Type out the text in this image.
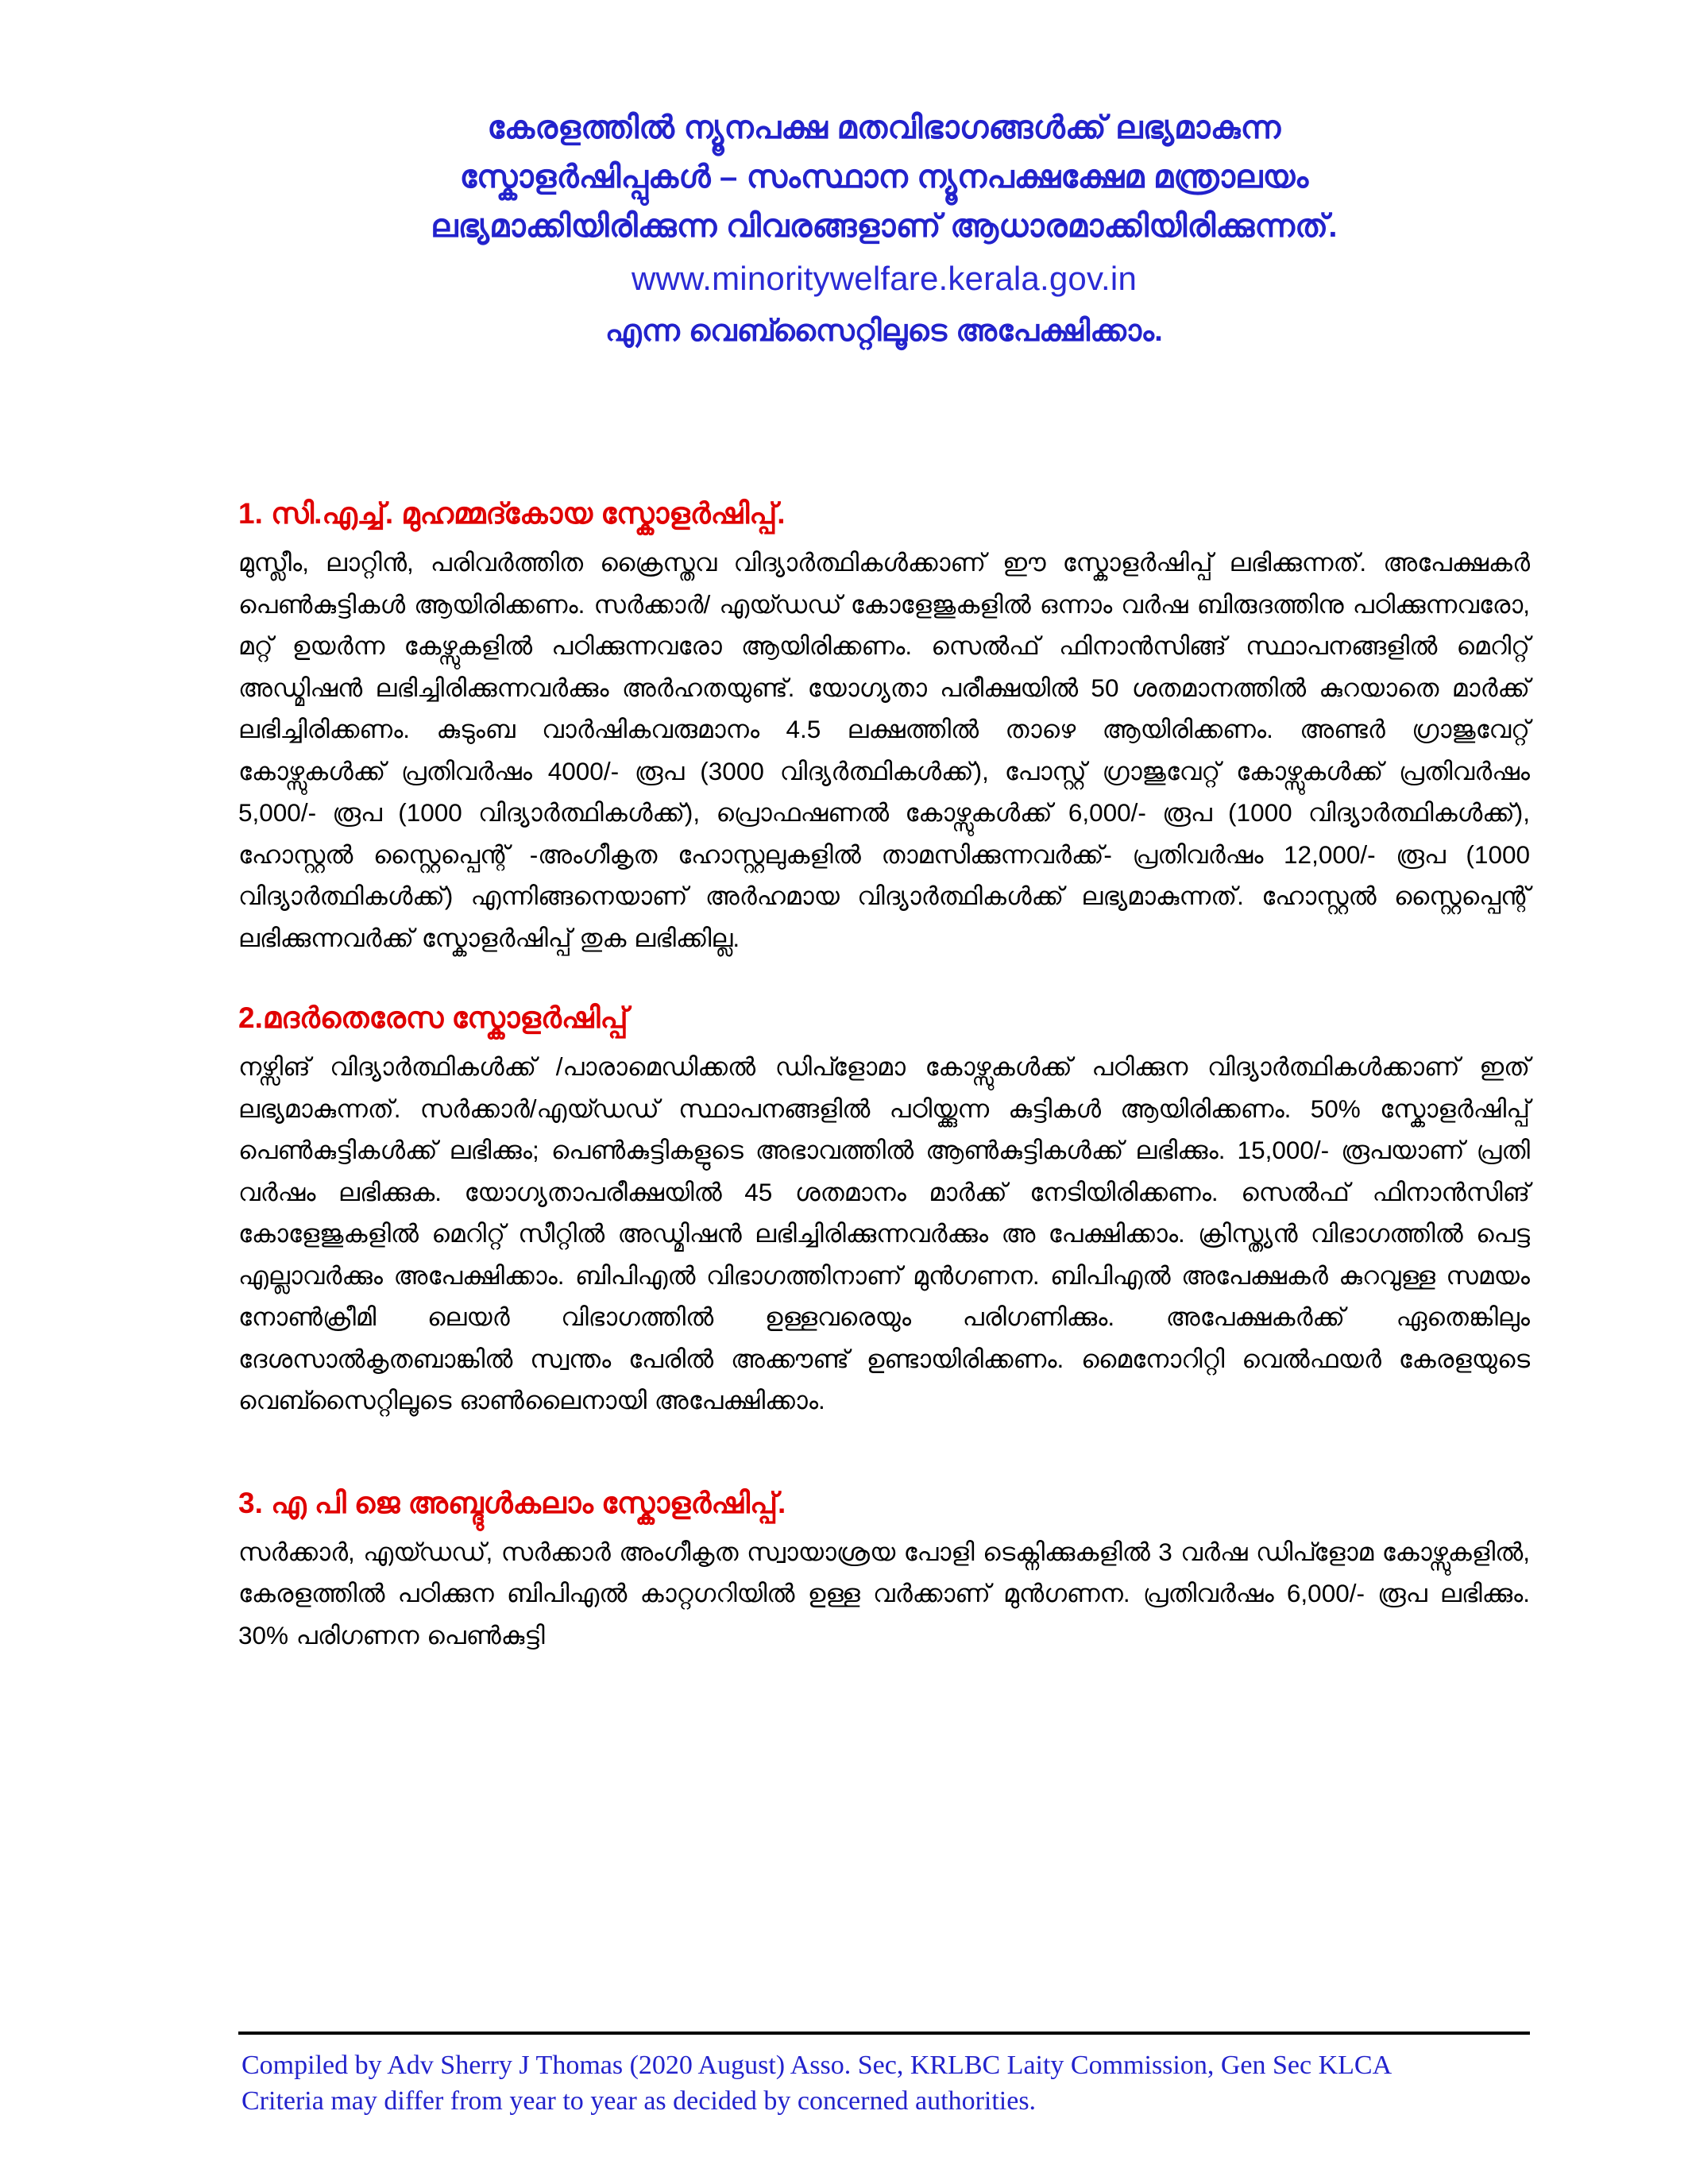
കേരളത്തിൽ ന്യൂനപക്ഷ മതവിഭാഗങ്ങൾക്ക് ലഭ്യമാകുന്ന
സ്കോളർഷിപ്പുകൾ – സംസ്ഥാന ന്യൂനപക്ഷക്ഷേമ മന്ത്രാലയം
ലഭ്യമാക്കിയിരിക്കുന്ന വിവരങ്ങളാണ് ആധാരമാക്കിയിരിക്കുന്നത്.
www.minoritywelfare.kerala.gov.in
എന്ന വെബ്സൈറ്റിലൂടെ അപേക്ഷിക്കാം.
1. സി.എച്ച്. മുഹമ്മദ്കോയ സ്കോളർഷിപ്പ്.
മുസ്ലീം, ലാറ്റിൻ, പരിവർത്തിത ക്രൈസ്തവ വിദ്യാർത്ഥികൾക്കാണ് ഈ സ്കോളർഷിപ്പ് ലഭിക്കുന്നത്. അപേക്ഷകർ പെൺകുട്ടികൾ ആയിരിക്കണം. സർക്കാർ/ എയ്ഡഡ് കോളേജുകളിൽ ഒന്നാം വർഷ ബിരുദത്തിനു പഠിക്കുന്നവരോ, മറ്റ് ഉയർന്ന കേഴ്സുകളിൽ പഠിക്കുന്നവരോ ആയിരിക്കണം. സെൽഫ് ഫിനാൻസിങ്ങ് സ്ഥാപനങ്ങളിൽ മെറിറ്റ് അഡ്മിഷൻ ലഭിച്ചിരിക്കുന്നവർക്കും അർഹതയുണ്ട്. യോഗ്യതാ പരീക്ഷയിൽ 50 ശതമാനത്തിൽ കുറയാതെ മാർക്ക് ലഭിച്ചിരിക്കണം. കുടുംബ വാർഷികവരുമാനം 4.5 ലക്ഷത്തിൽ താഴെ ആയിരിക്കണം. അണ്ടർ ഗ്രാജുവേറ്റ് കോഴ്സുകൾക്ക് പ്രതിവർഷം 4000/- രൂപ (3000 വിദ്യർത്ഥികൾക്ക്), പോസ്റ്റ് ഗ്രാജുവേറ്റ് കോഴ്സുകൾക്ക് പ്രതിവർഷം 5,000/- രൂപ (1000 വിദ്യാർത്ഥികൾക്ക്), പ്രൊഫഷണൽ കോഴ്സുകൾക്ക് 6,000/- രൂപ (1000 വിദ്യാർത്ഥികൾക്ക്), ഹോസ്റ്റൽ സ്റ്റൈപ്പെന്റ് -അംഗീകൃത ഹോസ്റ്റലുകളിൽ താമസിക്കുന്നവർക്ക്- പ്രതിവർഷം 12,000/- രൂപ (1000 വിദ്യാർത്ഥികൾക്ക്) എന്നിങ്ങനെയാണ് അർഹമായ വിദ്യാർത്ഥികൾക്ക് ലഭ്യമാകുന്നത്. ഹോസ്റ്റൽ സ്റ്റൈപ്പെന്റ് ലഭിക്കുന്നവർക്ക് സ്കോളർഷിപ്പ് തുക ലഭിക്കില്ല.
2.മദർതെരേസ സ്കോളർഷിപ്പ്
നഴ്സിങ് വിദ്യാർത്ഥികൾക്ക് /പാരാമെഡിക്കൽ ഡിപ്ളോമാ കോഴ്സുകൾക്ക് പഠിക്കുന വിദ്യാർത്ഥികൾക്കാണ് ഇത് ലഭ്യമാകുന്നത്. സർക്കാർ/എയ്ഡഡ് സ്ഥാപനങ്ങളിൽ പഠിയ്ക്കുന്ന കുട്ടികൾ ആയിരിക്കണം. 50% സ്കോളർഷിപ്പ് പെൺകുട്ടികൾക്ക് ലഭിക്കും; പെൺകുട്ടികളുടെ അഭാവത്തിൽ ആൺകുട്ടികൾക്ക് ലഭിക്കും. 15,000/- രൂപയാണ് പ്രതി വർഷം ലഭിക്കുക. യോഗ്യതാപരീക്ഷയിൽ 45 ശതമാനം മാർക്ക് നേടിയിരിക്കണം. സെൽഫ് ഫിനാൻസിങ് കോളേജുകളിൽ മെറിറ്റ് സീറ്റിൽ അഡ്മിഷൻ ലഭിച്ചിരിക്കുന്നവർക്കും അ പേക്ഷിക്കാം. ക്രിസ്ത്യൻ വിഭാഗത്തിൽ പെട്ട എല്ലാവർക്കും അപേക്ഷിക്കാം. ബിപിഎൽ വിഭാഗത്തിനാണ് മുൻഗണന. ബിപിഎൽ അപേക്ഷകർ കുറവുള്ള സമയം നോൺക്രീമി ലെയർ വിഭാഗത്തിൽ ഉള്ളവരെയും പരിഗണിക്കും. അപേക്ഷകർക്ക് ഏതെങ്കിലും ദേശസാൽകൃതബാങ്കിൽ സ്വന്തം പേരിൽ അക്കൗണ്ട് ഉണ്ടായിരിക്കണം. മൈനോറിറ്റി വെൽഫയർ കേരളയുടെ വെബ്സൈറ്റിലൂടെ ഓൺലൈനായി അപേക്ഷിക്കാം.
3. എ പി ജെ അബ്ദുൾകലാം സ്കോളർഷിപ്പ്.
സർക്കാർ, എയ്ഡഡ്, സർക്കാർ അംഗീകൃത സ്വായാശ്രയ പോളി ടെക്നിക്കുകളിൽ 3 വർഷ ഡിപ്ളോമ കോഴ്സുകളിൽ, കേരളത്തിൽ പഠിക്കുന ബിപിഎൽ കാറ്റഗറിയിൽ ഉള്ള വർക്കാണ് മുൻഗണന. പ്രതിവർഷം 6,000/- രൂപ ലഭിക്കും. 30% പരിഗണന പെൺകുട്ടി
Compiled by Adv Sherry J Thomas (2020 August) Asso. Sec, KRLBC Laity Commission, Gen Sec KLCA
Criteria may differ from year to year as decided by concerned authorities.
